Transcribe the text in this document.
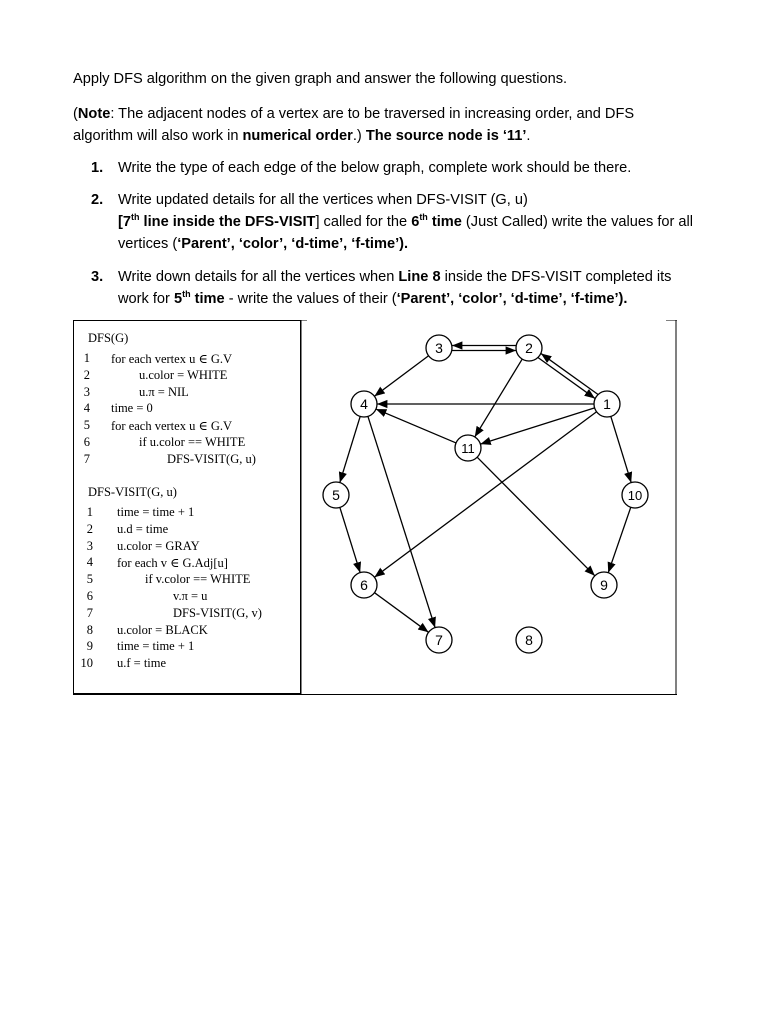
Apply DFS algorithm on the given graph and answer the following questions.

(Note: The adjacent nodes of a vertex are to be traversed in increasing order, and DFS

algorithm will also work in numerical order.) The source node is ‘11’.

1. Write the type of each edge of the below graph, complete work should be there.
2. Write updated details for all the vertices when DFS-VISIT (G, u)
[7th line inside the DFS-VISIT] called for the 6th time (Just Called) write the values for all
vertices (‘Parent’, ‘color’, ‘d-time’, ‘f-time’).
3. Write down details for all the vertices when Line 8 inside the DFS-VISIT completed its
work for 5th time - write the values of their (‘Parent’, ‘color’, ‘d-time’, ‘f-time’).
DFS(G)
1 for each vertex u ∈ G.V
2	u.color = WHITE
3	u.π = NIL
4 time = 0
5 for each vertex u ∈ G.V
6	if u.color == WHITE
7	DFS-VISIT(G, u)
DFS-VISIT(G, u)
1 time = time + 1
2 u.d = time
3 u.color = GRAY
4 for each v ∈ G.Adj[u]
5	if v.color == WHITE
6	v.π = u
7	DFS-VISIT(G, v)
8 u.color = BLACK
9 time = time + 1
10 u.f = time
1
2
3
4
5
6
7	8
9
10
11
